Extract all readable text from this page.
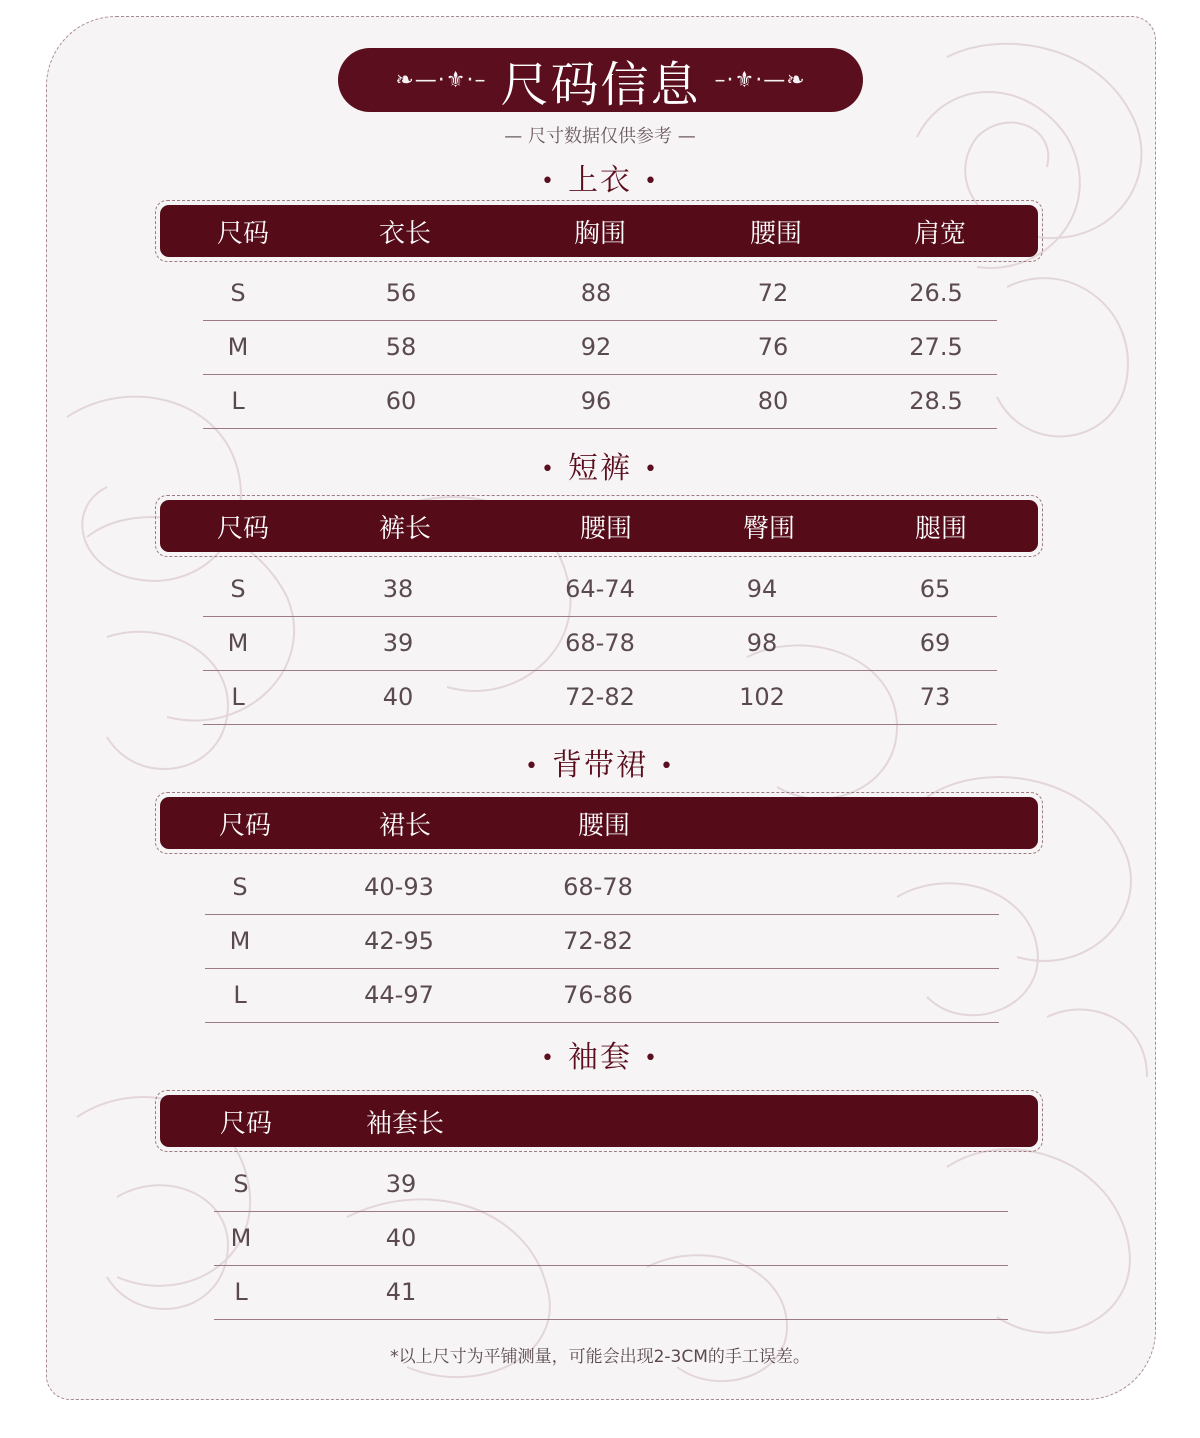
❧—·⚜·– 尺码信息 –·⚜·—❧
— 尺寸数据仅供参考 —
• 上衣 •
尺码	衣长	胸围	腰围	肩宽
S	56	88	72	26.5
M	58	92	76	27.5
L	60	96	80	28.5
• 短裤 •
尺码	裤长	腰围	臀围	腿围
S	38	64-74	94	65
M	39	68-78	98	69
L	40	72-82	102	73
• 背带裙 •
尺码	裙长	腰围
S	40-93	68-78
M	42-95	72-82
L	44-97	76-86
• 袖套 •
尺码	袖套长
S	39
M	40
L	41
*以上尺寸为平铺测量，可能会出现2-3CM的手工误差。
